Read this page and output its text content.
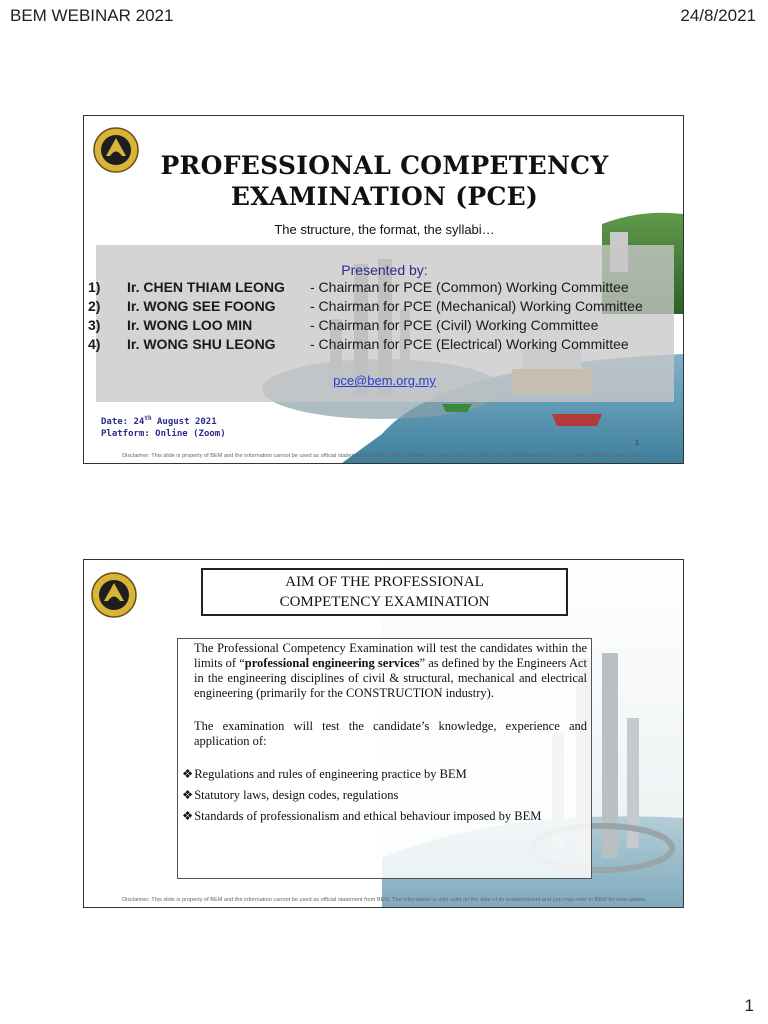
BEM WEBINAR 2021	24/8/2021
PROFESSIONAL COMPETENCY
EXAMINATION (PCE)
The structure, the format, the syllabi…
Presented by:
1) Ir. CHEN THIAM LEONG - Chairman for PCE (Common) Working Committee
2) Ir. WONG SEE FOONG - Chairman for PCE (Mechanical) Working Committee
3) Ir. WONG LOO MIN	- Chairman for PCE (Civil) Working Committee
4) Ir. WONG SHU LEONG - Chairman for PCE (Electrical) Working Committee
pce@bem.org.my
Date: 24th August 2021
Platform: Online (Zoom)
1
Disclaimer: This slide is property of BEM and the information cannot be used as official statement from BEM. The information is only valid on the date of its establishment and you may refer to BEM for new update.
AIM OF THE PROFESSIONAL
COMPETENCY EXAMINATION

The Professional Competency Examination will test the candidates within the limits of “professional engineering services” as defined by the Engineers Act in the engineering disciplines of civil & structural, mechanical and electrical engineering (primarily for the CONSTRUCTION industry).

The examination will test the candidate’s knowledge, experience and application of:

❖Regulations and rules of engineering practice by BEM
❖Statutory laws, design codes, regulations
❖Standards of professionalism and ethical behaviour imposed by BEM
Disclaimer: This slide is property of BEM and the information cannot be used as official statement from BEM. The information is only valid on the date of its establishment and you may refer to BEM for new update.
1
